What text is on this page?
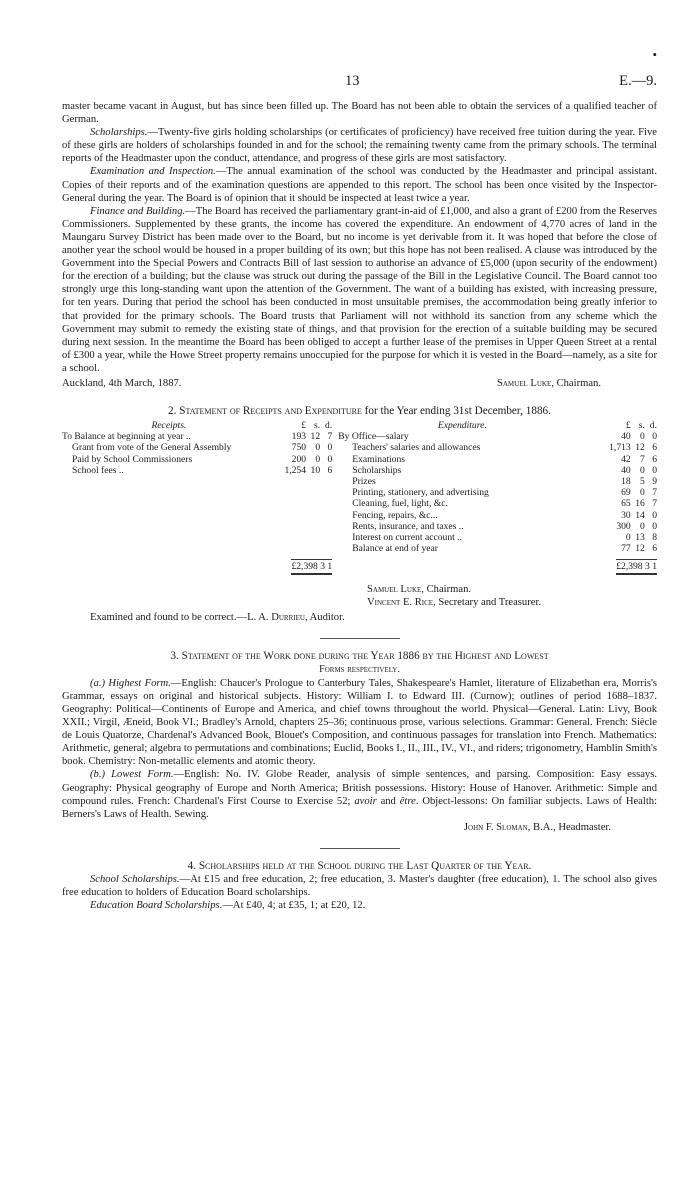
•
13	E.—9.

master became vacant in August, but has since been filled up. The Board has not been able to obtain the services of a qualified teacher of German.

Scholarships.—Twenty-five girls holding scholarships (or certificates of proficiency) have received free tuition during the year. Five of these girls are holders of scholarships founded in and for the school; the remaining twenty came from the primary schools. The terminal reports of the Headmaster upon the conduct, attendance, and progress of these girls are most satisfactory.

Examination and Inspection.—The annual examination of the school was conducted by the Headmaster and principal assistant. Copies of their reports and of the examination questions are appended to this report. The school has been once visited by the Inspector-General during the year. The Board is of opinion that it should be inspected at least twice a year.

Finance and Building.—The Board has received the parliamentary grant-in-aid of £1,000, and also a grant of £200 from the Reserves Commissioners. Supplemented by these grants, the income has covered the expenditure. An endowment of 4,770 acres of land in the Maungaru Survey District has been made over to the Board, but no income is yet derivable from it. It was hoped that before the close of another year the school would be housed in a proper building of its own; but this hope has not been realised. A clause was introduced by the Government into the Special Powers and Contracts Bill of last session to authorise an advance of £5,000 (upon security of the endowment) for the erection of a building; but the clause was struck out during the passage of the Bill in the Legislative Council. The Board cannot too strongly urge this long-standing want upon the attention of the Government. The want of a building has existed, with increasing pressure, for ten years. During that period the school has been conducted in most unsuitable premises, the accommodation being greatly inferior to that provided for the primary schools. The Board trusts that Parliament will not withhold its sanction from any scheme which the Government may submit to remedy the existing state of things, and that provision for the erection of a suitable building may be secured during next session. In the meantime the Board has been obliged to accept a further lease of the premises in Upper Queen Street at a rental of £300 a year, while the Howe Street property remains unoccupied for the purpose for which it is vested in the Board—namely, as a site for a school.

Auckland, 4th March, 1887.	Samuel Luke, Chairman.
2. Statement of Receipts and Expenditure for the Year ending 31st December, 1886.
Receipts.	£	s.	d.	Expenditure.	£	s.	d.
To Balance at beginning at year ..	193	12	7	By Office—salary	40	0	0
Grant from vote of the General Assembly	750	0	0	Teachers' salaries and allowances	1,713	12	6
Paid by School Commissioners	200	0	0	Examinations	42	7	6
School fees ..	1,254	10	6	Scholarships	40	0	0
				Prizes	18	5	9
				Printing, stationery, and advertising	69	0	7
				Cleaning, fuel, light, &c.	65	16	7
				Fencing, repairs, &c...	30	14	0
				Rents, insurance, and taxes ..	300	0	0
				Interest on current account ..	0	13	8
				Balance at end of year	77	12	6
	£2,398 3 1				£2,398 3 1		
Samuel Luke, Chairman.
Vincent E. Rice, Secretary and Treasurer.
Examined and found to be correct.—L. A. Durrieu, Auditor.
3. Statement of the Work done during the Year 1886 by the Highest and Lowest
Forms respectively.

(a.) Highest Form.—English: Chaucer's Prologue to Canterbury Tales, Shakespeare's Hamlet, literature of Elizabethan era, Morris's Grammar, essays on original and historical subjects. History: William I. to Edward III. (Curnow); outlines of period 1688–1837. Geography: Political—Continents of Europe and America, and chief towns throughout the world. Physical—General. Latin: Livy, Book XXII.; Virgil, Æneid, Book VI.; Bradley's Arnold, chapters 25–36; continuous prose, various selections. Grammar: General. French: Siècle de Louis Quatorze, Chardenal's Advanced Book, Blouet's Composition, and continuous passages for translation into French. Mathematics: Arithmetic, general; algebra to permutations and combinations; Euclid, Books I., II., III., IV., VI., and riders; trigonometry, Hamblin Smith's book. Chemistry: Non-metallic elements and atomic theory.

(b.) Lowest Form.—English: No. IV. Globe Reader, analysis of simple sentences, and parsing. Composition: Easy essays. Geography: Physical geography of Europe and North America; British possessions. History: House of Hanover. Arithmetic: Simple and compound rules. French: Chardenal's First Course to Exercise 52; avoir and être. Object-lessons: On familiar subjects. Laws of Health: Berners's Laws of Health. Sewing.

John F. Sloman, B.A., Headmaster.
4. Scholarships held at the School during the Last Quarter of the Year.

School Scholarships.—At £15 and free education, 2; free education, 3. Master's daughter (free education), 1. The school also gives free education to holders of Education Board scholarships.

Education Board Scholarships.—At £40, 4; at £35, 1; at £20, 12.
